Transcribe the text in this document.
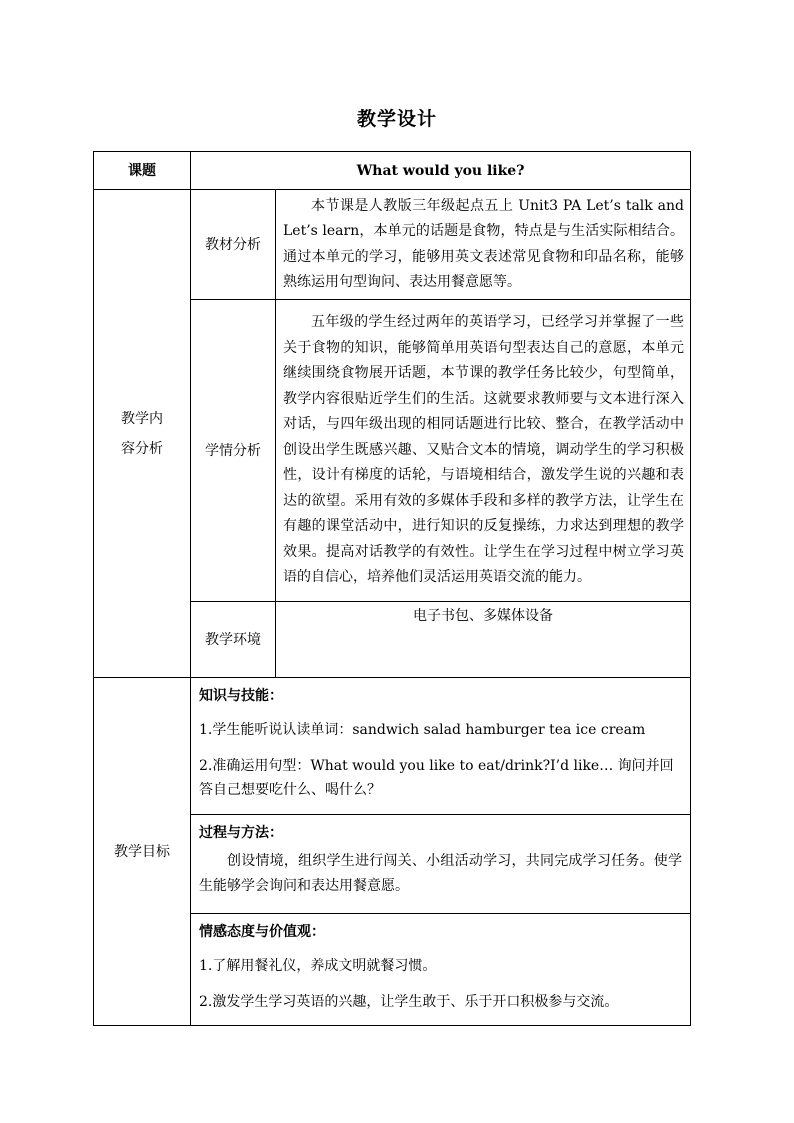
教学设计
课题	What would you like?	

教学内
容分析	教材分析	本节课是人教版三年级起点五上 Unit3 PA Let’s talk and Let’s learn，本单元的话题是食物，特点是与生活实际相结合。通过本单元的学习，能够用英文表述常见食物和印品名称，能够熟练运用句型询问、表达用餐意愿等。

	学情分析	五年级的学生经过两年的英语学习，已经学习并掌握了一些关于食物的知识，能够简单用英语句型表达自己的意愿，本单元继续围绕食物展开话题，本节课的教学任务比较少，句型简单，教学内容很贴近学生们的生活。这就要求教师要与文本进行深入对话，与四年级出现的相同话题进行比较、整合，在教学活动中创设出学生既感兴趣、又贴合文本的情境，调动学生的学习积极性，设计有梯度的话轮，与语境相结合，激发学生说的兴趣和表达的欲望。采用有效的多媒体手段和多样的教学方法，让学生在有趣的课堂活动中，进行知识的反复操练，力求达到理想的教学效果。提高对话教学的有效性。让学生在学习过程中树立学习英语的自信心，培养他们灵活运用英语交流的能力。

	教学环境	电子书包、多媒体设备

教学目标	知识与技能：
1.学生能听说认读单词：sandwich salad hamburger tea ice cream
2.准确运用句型：What would you like to eat/drink?I’d like… 询问并回答自己想要吃什么、喝什么？	

	过程与方法：
创设情境，组织学生进行闯关、小组活动学习，共同完成学习任务。使学生能够学会询问和表达用餐意愿。	

	情感态度与价值观：
1.了解用餐礼仪，养成文明就餐习惯。
2.激发学生学习英语的兴趣，让学生敢于、乐于开口积极参与交流。	
